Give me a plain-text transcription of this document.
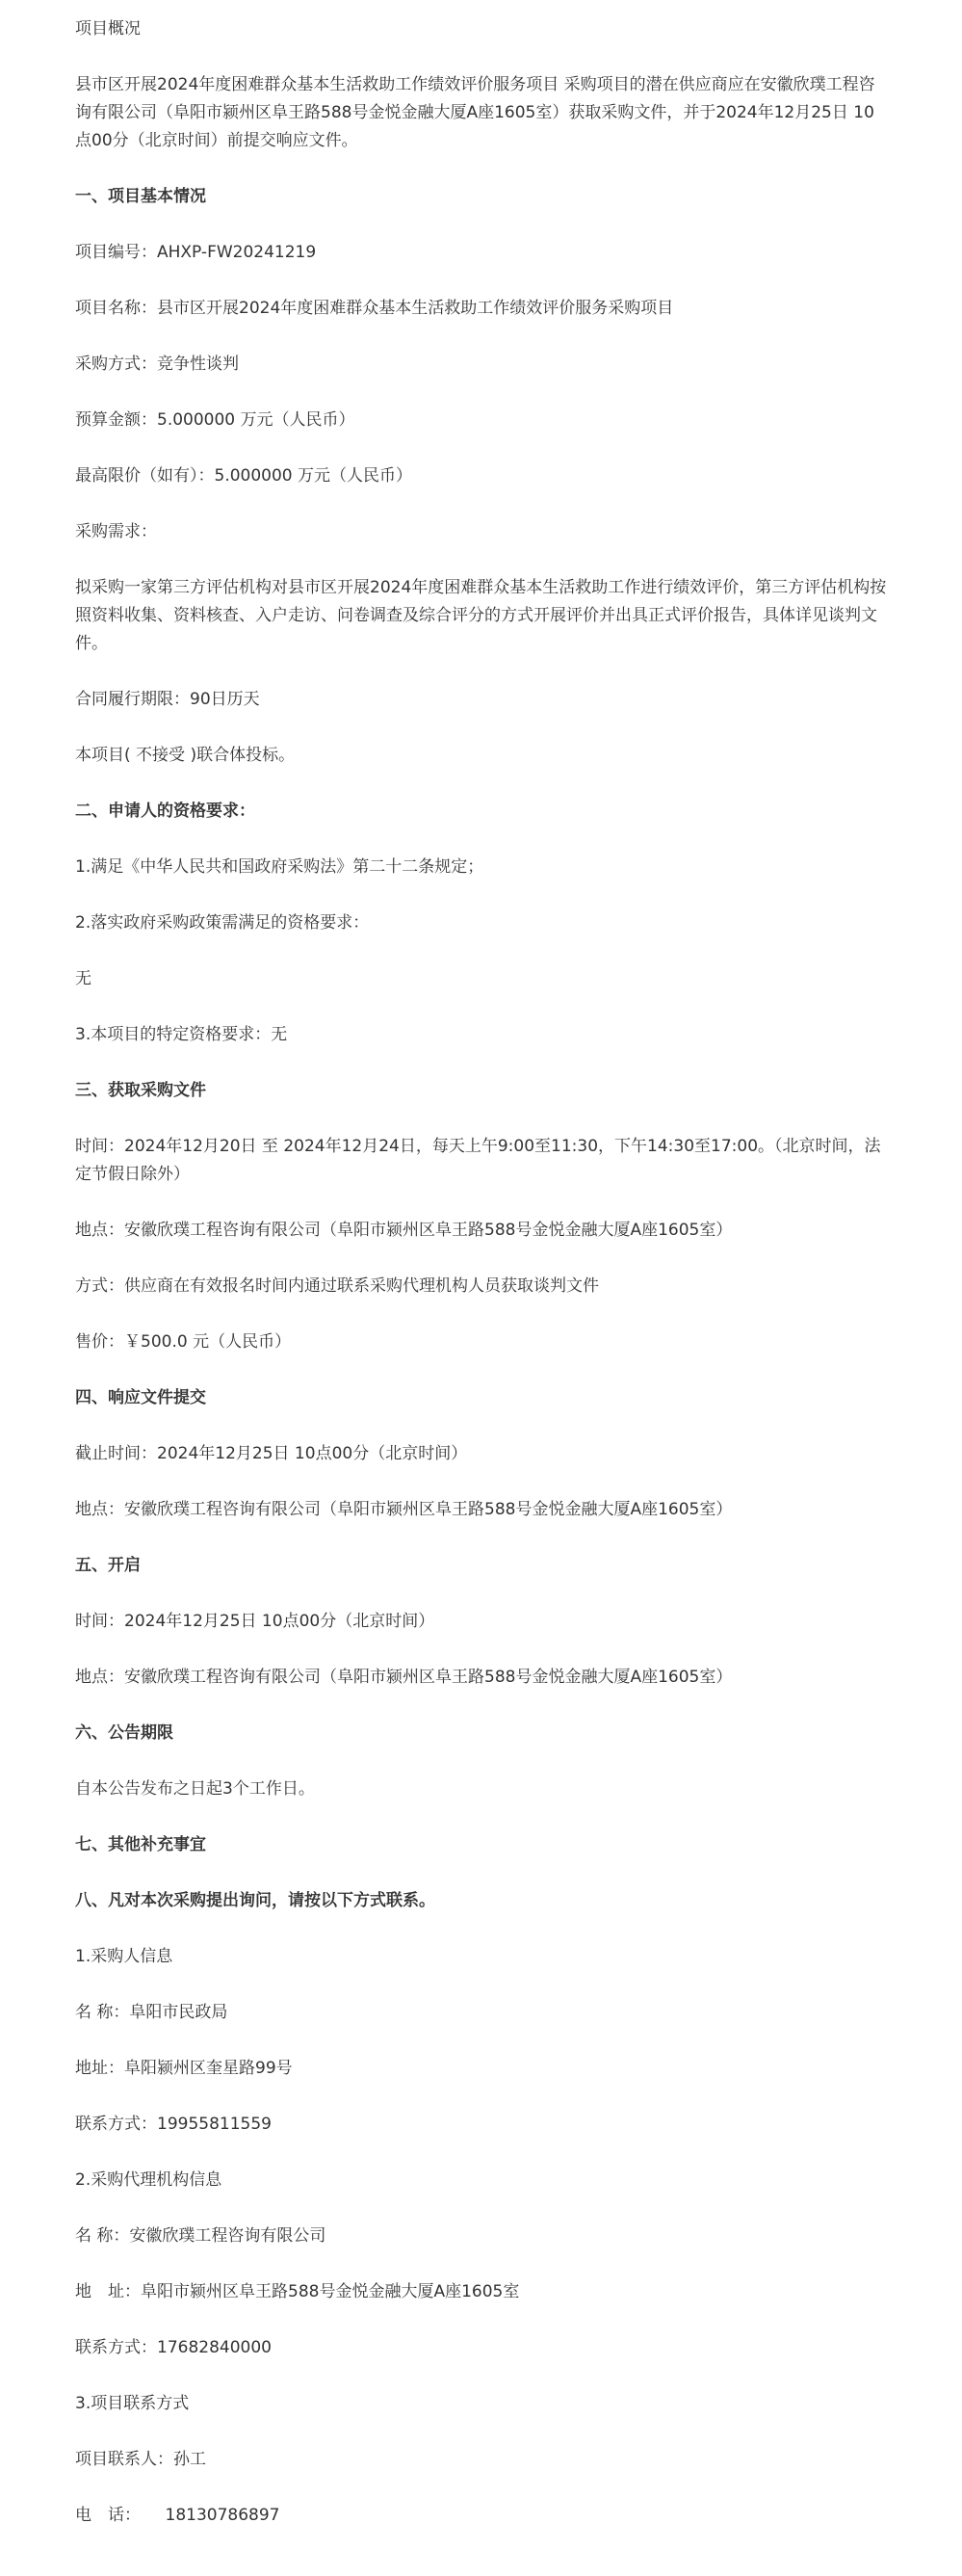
项目概况

县市区开展2024年度困难群众基本生活救助工作绩效评价服务项目 采购项目的潜在供应商应在安徽欣璞工程咨询有限公司（阜阳市颍州区阜王路588号金悦金融大厦A座1605室）获取采购文件，并于2024年12月25日 10点00分（北京时间）前提交响应文件。

一、项目基本情况

项目编号：AHXP-FW20241219

项目名称：县市区开展2024年度困难群众基本生活救助工作绩效评价服务采购项目

采购方式：竞争性谈判

预算金额：5.000000 万元（人民币）

最高限价（如有）：5.000000 万元（人民币）

采购需求：

拟采购一家第三方评估机构对县市区开展2024年度困难群众基本生活救助工作进行绩效评价，第三方评估机构按照资料收集、资料核查、入户走访、问卷调查及综合评分的方式开展评价并出具正式评价报告，具体详见谈判文件。

合同履行期限：90日历天

本项目( 不接受 )联合体投标。

二、申请人的资格要求：

1.满足《中华人民共和国政府采购法》第二十二条规定；

2.落实政府采购政策需满足的资格要求：

无

3.本项目的特定资格要求：无

三、获取采购文件

时间：2024年12月20日 至 2024年12月24日，每天上午9:00至11:30，下午14:30至17:00。（北京时间，法定节假日除外）

地点：安徽欣璞工程咨询有限公司（阜阳市颍州区阜王路588号金悦金融大厦A座1605室）

方式：供应商在有效报名时间内通过联系采购代理机构人员获取谈判文件

售价：￥500.0 元（人民币）

四、响应文件提交

截止时间：2024年12月25日 10点00分（北京时间）

地点：安徽欣璞工程咨询有限公司（阜阳市颍州区阜王路588号金悦金融大厦A座1605室）

五、开启

时间：2024年12月25日 10点00分（北京时间）

地点：安徽欣璞工程咨询有限公司（阜阳市颍州区阜王路588号金悦金融大厦A座1605室）

六、公告期限

自本公告发布之日起3个工作日。

七、其他补充事宜

八、凡对本次采购提出询问，请按以下方式联系。

1.采购人信息

名 称：阜阳市民政局

地址：阜阳颍州区奎星路99号

联系方式：19955811559

2.采购代理机构信息

名 称：安徽欣璞工程咨询有限公司

地　址：阜阳市颍州区阜王路588号金悦金融大厦A座1605室

联系方式：17682840000

3.项目联系方式

项目联系人：孙工

电　话：　　18130786897
